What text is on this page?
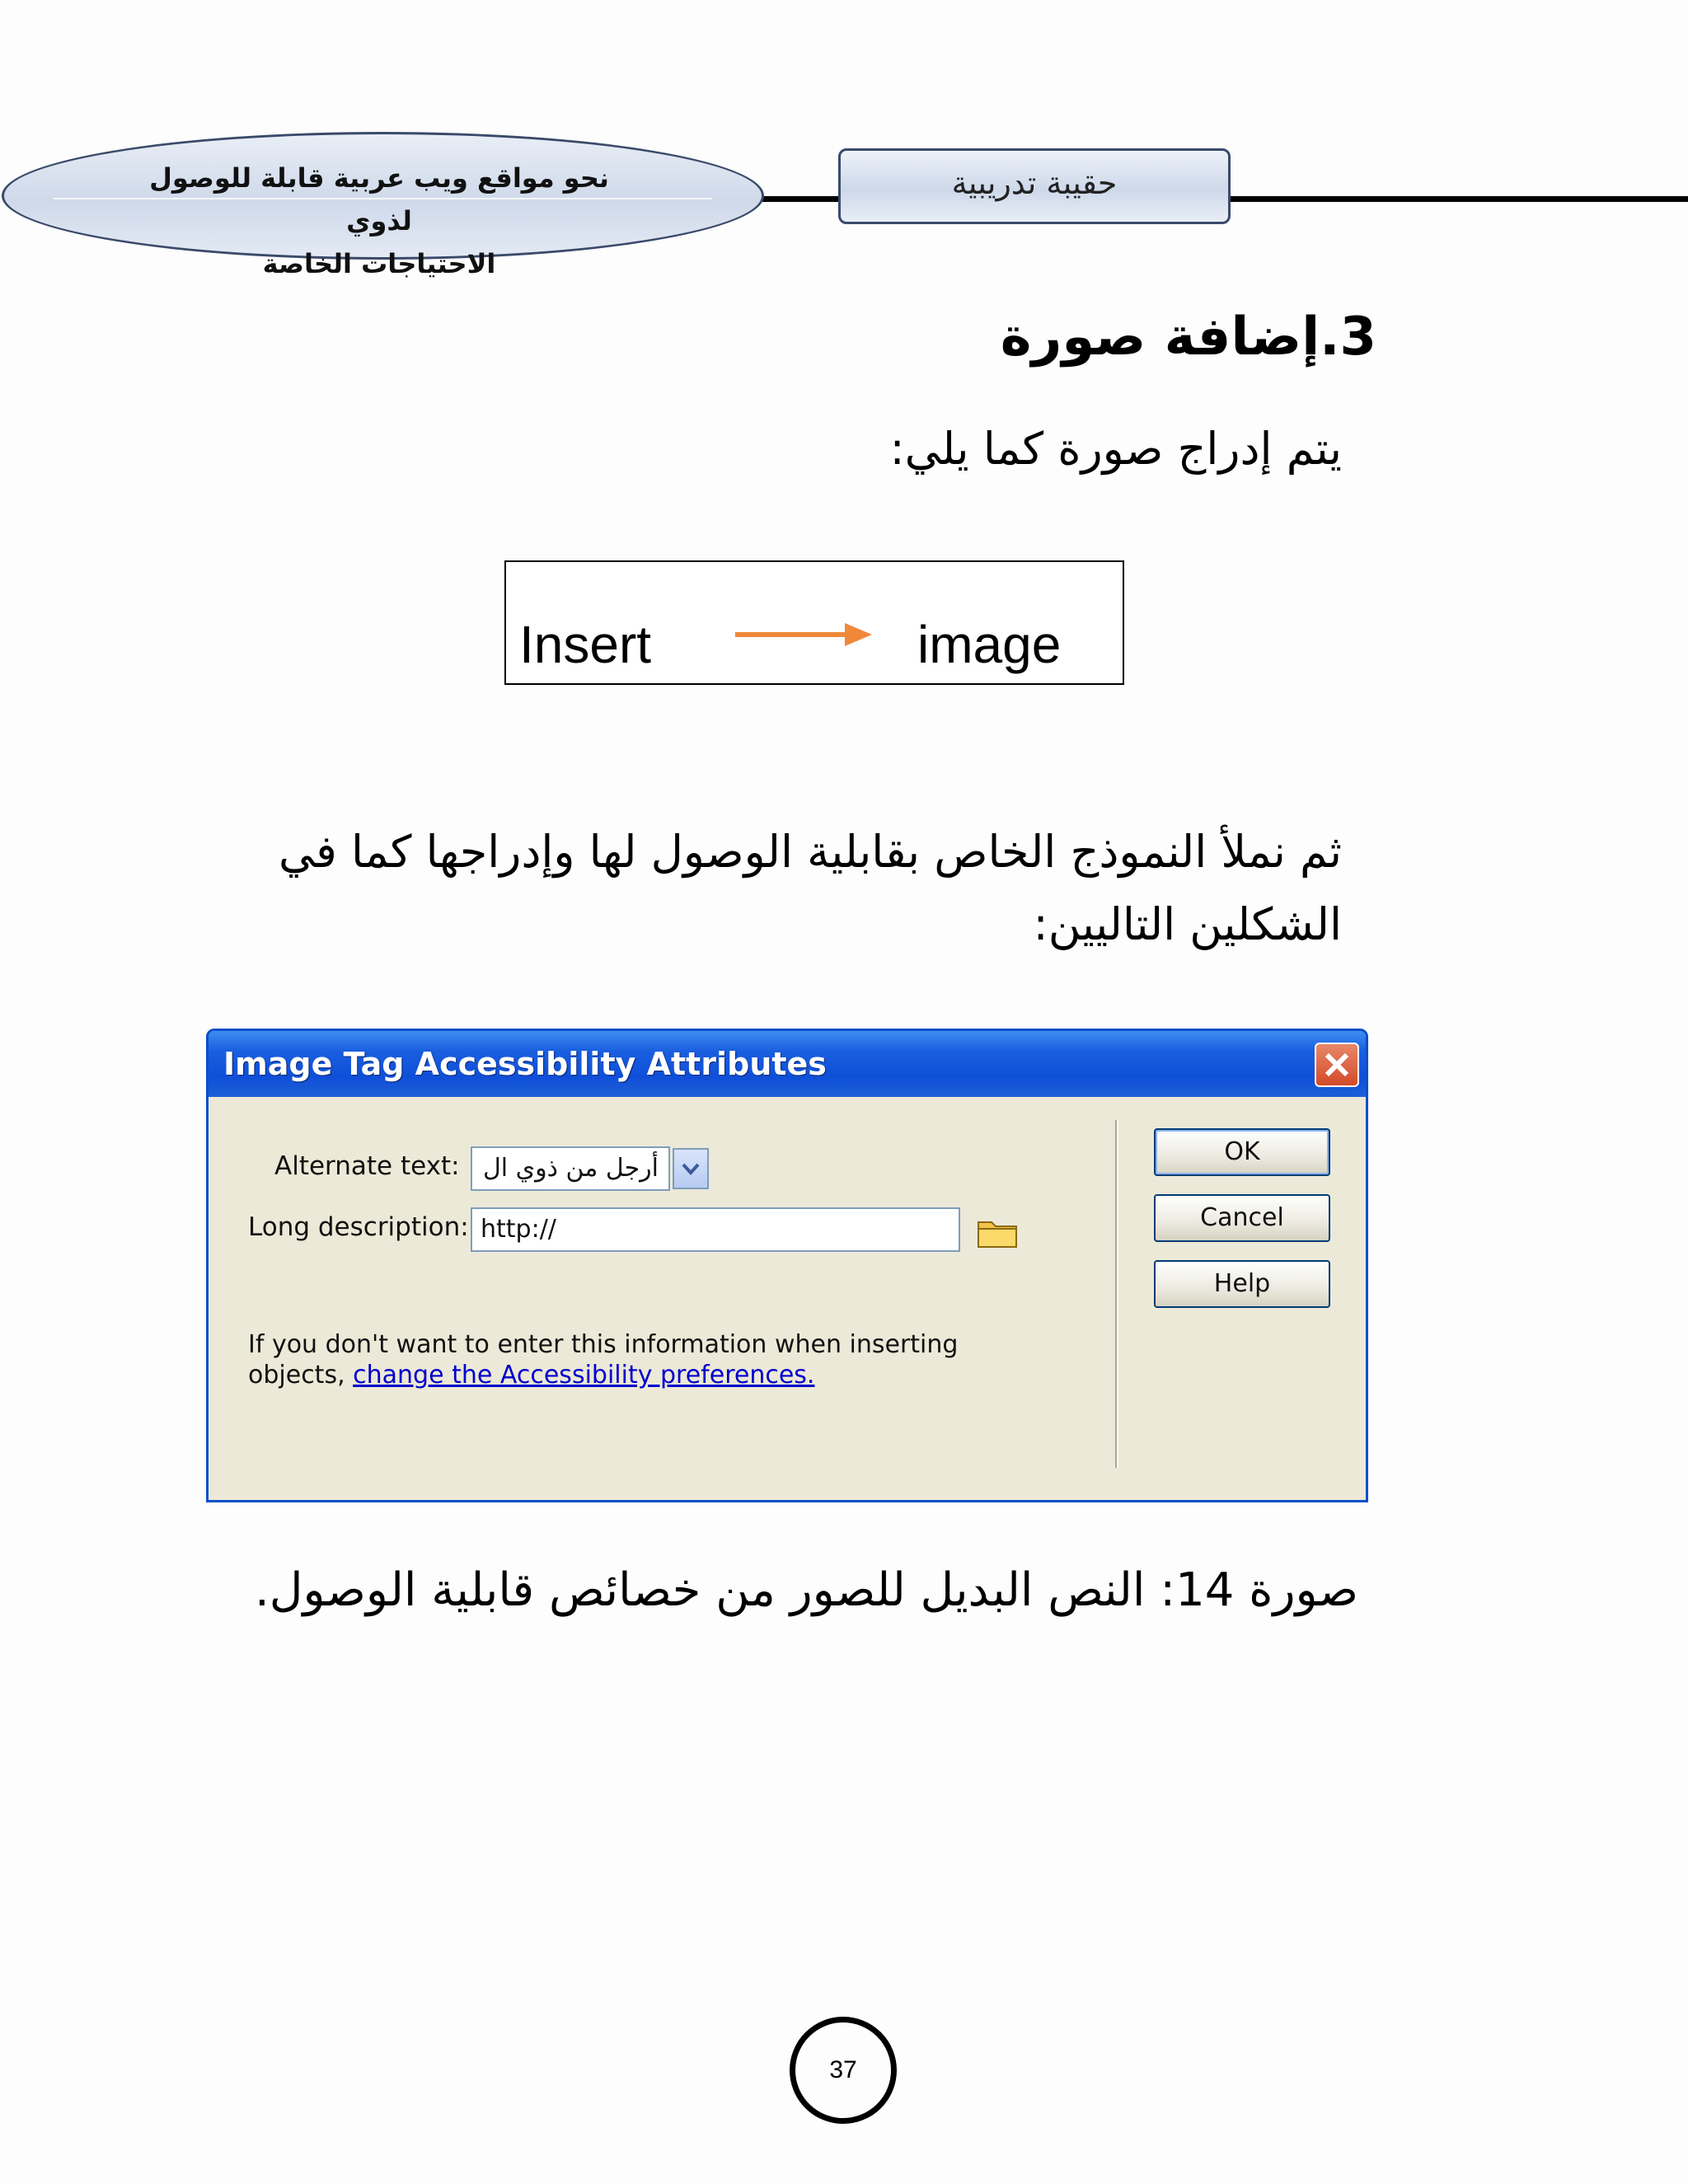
نحو مواقع ويب عربية قابلة للوصول لذوي
الاحتياجات الخاصة
حقيبة تدريبية
3.إضافة صورة
يتم إدراج صورة كما يلي:
Insert	image
ثم نملأ النموذج الخاص بقابلية الوصول لها وإدراجها كما في الشكلين التاليين:
Image Tag Accessibility Attributes
Alternate text: أرجل من ذوي ال
Long description: http://
If you don't want to enter this information when inserting
objects, change the Accessibility preferences.
OK
Cancel
Help
صورة 14: النص البديل للصور من خصائص قابلية الوصول.
37
